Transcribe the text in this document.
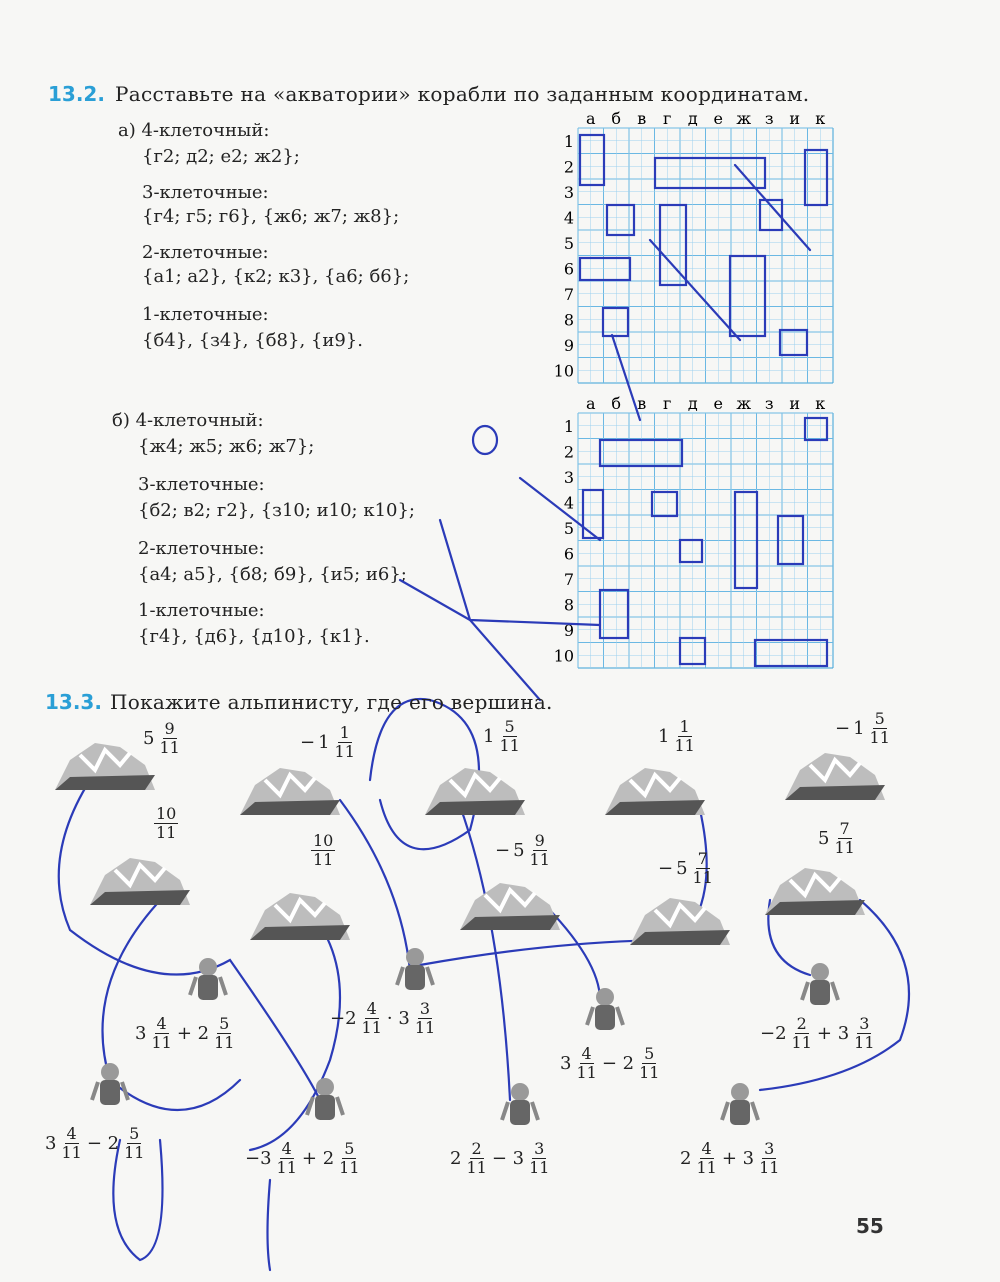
13.2. Расставьте на «акватории» корабли по заданным координатам.
а) 4-клеточный:
{г2; д2; е2; ж2};
3-клеточные:
{г4; г5; г6}, {ж6; ж7; ж8};
2-клеточные:
{а1; а2}, {к2; к3}, {а6; б6};
1-клеточные:
{б4}, {з4}, {б8}, {и9}.
б) 4-клеточный:
{ж4; ж5; ж6; ж7};
3-клеточные:
{б2; в2; г2}, {з10; и10; к10};
2-клеточные:
{а4; а5}, {б8; б9}, {и5; и6};
1-клеточные:
{г4}, {д6}, {д10}, {к1}.
а б в г д е ж з и к
1
2
3
4
5
6
7
8
9
10
а б в г д е ж з и к
1
2
3
4
5
6
7
8
9
10
13.3. Покажите альпинисту, где его вершина.
$5 \frac{9}{11}$	− $1 \frac{1}{11}$	$1 \frac{5}{11}$	$1 \frac{1}{11}$	− $1 \frac{5}{11}$
$\frac{10}{11}$
$\frac{10}{11}$	− $5 \frac{9}{11}$	− $5 \frac{7}{11}$
$5 \frac{7}{11}$
$3 \frac{4}{11} + 2 \frac{5}{11}$	$-2 \frac{4}{11} \cdot 3 \frac{3}{11}$
$3 \frac{4}{11} - 2 \frac{5}{11}$
$-2 \frac{2}{11} + 3 \frac{3}{11}$
$3 \frac{4}{11} - 2 \frac{5}{11}$	$-3 \frac{4}{11} + 2 \frac{5}{11}$	$2 \frac{2}{11} - 3 \frac{3}{11}$	$2 \frac{4}{11} + 3 \frac{3}{11}$
55
